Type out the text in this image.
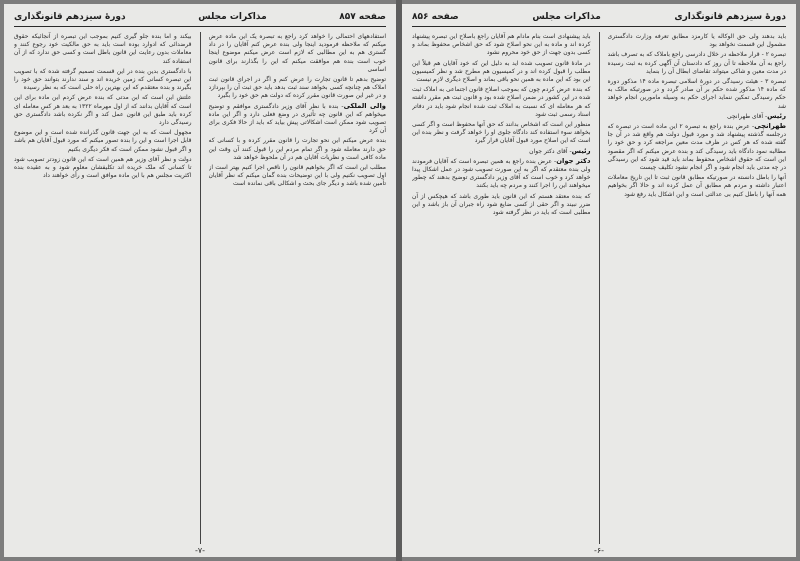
صفحه ۸۵۷
مذاکرات مجلس
دورهٔ سیزدهم قانونگذاری

استفادههای احتمالی را خواهد کرد راجع به تبصره یک این ماده عرض میکنم که ملاحظه فرمودید اینجا ولی بنده عرض کنم آقایان را در داد گستری هم به این مطالبی که لازم است عرض میکنم موضوع اینجا خوب است بنده هم موافقت میکنم که این را بگذارند برای قانون اساسی

توضیح بدهم تا قانون تجارت را عرض کنم و اگر در اجرای قانون ثبت املاک هم چنانچه کسی بخواهد سند ثبت بدهد باید حق ثبت آن را بپردازد و در غیر این صورت قانون مقرر کرده که دولت هم حق خود را بگیرد

والی الملکی- بنده با نظر آقای وزیر دادگستری موافقم و توضیح میخواهم که این قانون چه تأثیری در وضع فعلی دارد و اگر این ماده تصویب شود ممکن است اشکالاتی پیش بیاید که باید از حالا فکری برای آن کرد

بنده عرض میکنم این نحو تجارت را قانون مقرر کرده و با کسانی که حق دارند معامله شود و اگر تمام مردم این را قبول کنند آن وقت این ماده کافی است و نظریات آقایان هم در آن ملحوظ خواهد شد

مطلب این است که اگر بخواهیم قانون را ناقص اجرا کنیم بهتر است از اول تصویب نکنیم ولی با این توضیحات بنده گمان میکنم که نظر آقایان تأمین شده باشد و دیگر جای بحث و اشکالی باقی نمانده است

بیکند و اما بنده جلو گیری کنیم بموجب این تبصره از آنجائیکه حقوق قرضدائی که ادوارد بوده است باید به حق مالکیت خود رجوع کنند و معاملات بدون رعایت این قانون باطل است و کسی حق ندارد که از آن استفاده کند

با دادگستری بدین بنده در این قسمت تصمیم گرفته شده که با تصویب این تبصره کسانی که زمین خریده اند و سند ندارند بتوانند حق خود را بگیرند و بنده معتقدم که این بهترین راه حلی است که به نظر رسیده

علتش این است که این مدتی که بنده عرض کردم این ماده برای این است که آقایان بدانند که از اول مهرماه ۱۳۲۲ به بعد هر کس معامله ای کرده باید طبق این قانون عمل کند و اگر نکرده باشد دادگستری حق رسیدگی دارد

مجهول است که به این جهت قانون گذرانده شده است و این موضوع قابل اجرا است و این را بنده تصور میکنم که مورد قبول آقایان هم باشد و اگر قبول نشود ممکن است که فکر دیگری بکنیم

دولت و نظر آقای وزیر هم همین است که این قانون زودتر تصویب شود تا کسانی که ملک خریده اند تکلیفشان معلوم شود و به عقیده بنده اکثریت مجلس هم با این ماده موافق است و رأی خواهند داد

-۷-
دورهٔ سیزدهم قانونگذاری
مذاکرات مجلس
صفحه ۸۵۶

باید بدهند ولی حق الوکاله یا کارمزد مطابق تعرفه وزارت دادگستری مشمول این قسمت نخواهد بود

تبصره ۲ - قرار ملاحظه در خلال دادرسی راجع باملاک که به تصرف باشد راجع به آن ملاحظه تا آن روز که دادستان آن آگهی کرده به ثبت رسیده در مدت معین و شاکی میتواند تقاضای ابطال آن را بنماید

تبصره ۳ - هیئت رسیدگی در دورهٔ اسلامی تبصره ماده ۱۴ مذکور دوره که ماده ۱۴ مذکور شده حکم بر آن صادر گردد و در صورتیکه مالک به حکم رسیدگی تمکین ننماید اجرای حکم به وسیله مامورین انجام خواهد شد

رئیس- آقای طهرانچی

طهرانچی- عرض بنده راجع به تبصره ۲ این ماده است در تبصره که درجلسه گذشته پیشنهاد شد و مورد قبول دولت هم واقع شد در آن جا گفته شده که هر کس در ظرف مدت معین مراجعه کرد و حق خود را مطالبه نمود دادگاه باید رسیدگی کند و بنده عرض میکنم که اگر مقصود این است که حقوق اشخاص محفوظ بماند باید قید شود که این رسیدگی در چه مدتی باید انجام شود و اگر انجام نشود تکلیف چیست

آنها را باطل دانسته در صورتیکه مطابق قانون ثبت تا این تاریخ معاملات اعتبار داشته و مردم هم مطابق آن عمل کرده اند و حالا اگر بخواهیم همه آنها را باطل کنیم بی عدالتی است و این اشکال باید رفع شود

باید پیشنهادی است بنام مادام هم آقایان راجع باصلاح این تبصره پیشنهاد کرده اند و ماده به این نحو اصلاح شود که حق اشخاص محفوظ بماند و کسی بدون جهت از حق خود محروم نشود

در مادهٔ قانون تصویب شده اید به دلیل این که خود آقایان هم قبلاً این مطلب را قبول کرده اند و در کمیسیون هم مطرح شد و نظر کمیسیون این بود که این ماده به همین نحو باقی بماند و اصلاح دیگری لازم نیست

که بنده عرض کردم چون که بموجب اصلاح قانون اجتماعی به املاک ثبت شده در این کشور در ضمن اصلاح شده بود و قانون ثبت هم مقرر داشته که هر معامله ای که نسبت به املاک ثبت شده انجام شود باید در دفاتر اسناد رسمی ثبت شود

منظور این است که اشخاص بدانند که حق آنها محفوظ است و اگر کسی بخواهد سوء استفاده کند دادگاه جلوی او را خواهد گرفت و نظر بنده این است که این اصلاح مورد قبول آقایان قرار گیرد

رئیس- آقای دکتر جوان

دکتر جوان- عرض بنده راجع به همین تبصره است که آقایان فرمودند ولی بنده معتقدم که اگر به این صورت تصویب شود در عمل اشکال پیدا خواهد کرد و خوب است که آقای وزیر دادگستری توضیح بدهند که چطور میخواهند این را اجرا کنند و مردم چه باید بکنند

که بنده معتقد هستم که این قانون باید طوری باشد که هیچکس از آن ضرر نبیند و اگر حقی از کسی ضایع شود راه جبران آن باز باشد و این مطلبی است که باید در نظر گرفته شود

-۶-
